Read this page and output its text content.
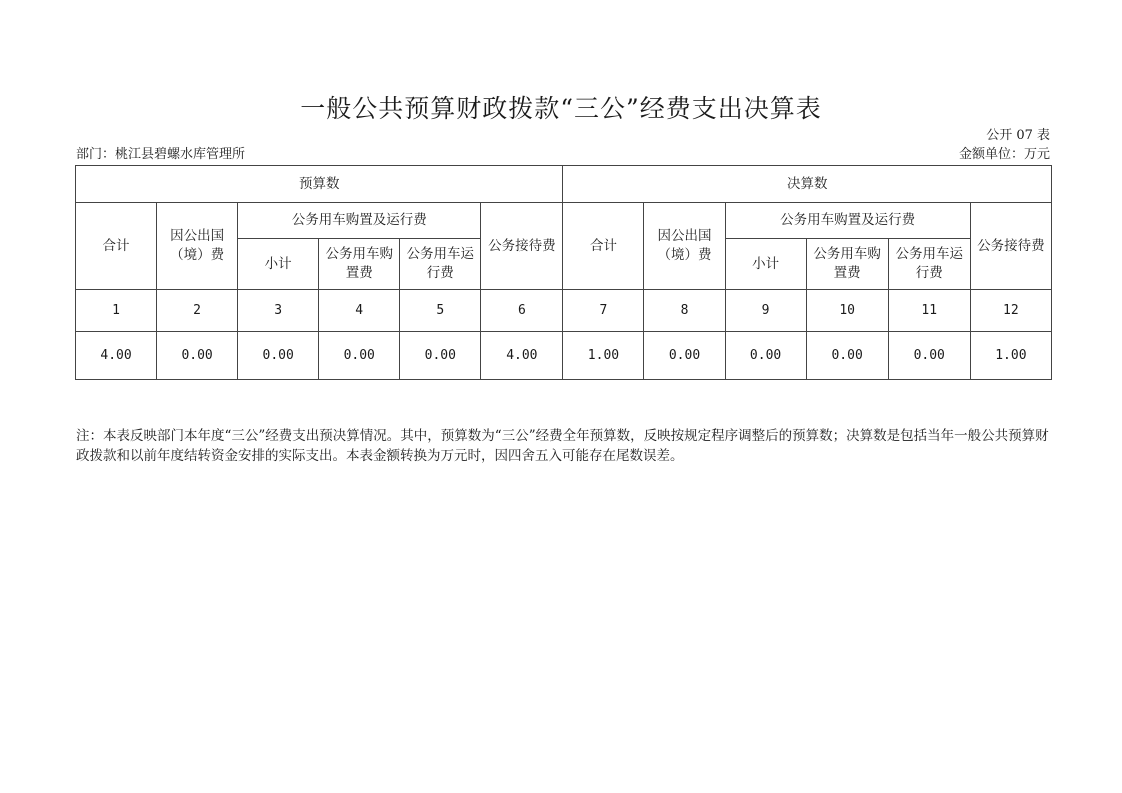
一般公共预算财政拨款“三公”经费支出决算表
公开 07 表
部门：桃江县碧螺水库管理所	金额单位：万元
预算数						决算数					
合计	因公出国（境）费	公务用车购置及运行费			公务接待费	合计	因公出国（境）费	公务用车购置及运行费			公务接待费
		小计	公务用车购置费	公务用车运行费				小计	公务用车购置费	公务用车运行费	
1	2	3	4	5	6	7	8	9	10	11	12
4.00	0.00	0.00	0.00	0.00	4.00	1.00	0.00	0.00	0.00	0.00	1.00
注：本表反映部门本年度“三公”经费支出预决算情况。其中，预算数为“三公”经费全年预算数，反映按规定程序调整后的预算数；决算数是包括当年一般公共预算财政拨款和以前年度结转资金安排的实际支出。本表金额转换为万元时，因四舍五入可能存在尾数误差。
